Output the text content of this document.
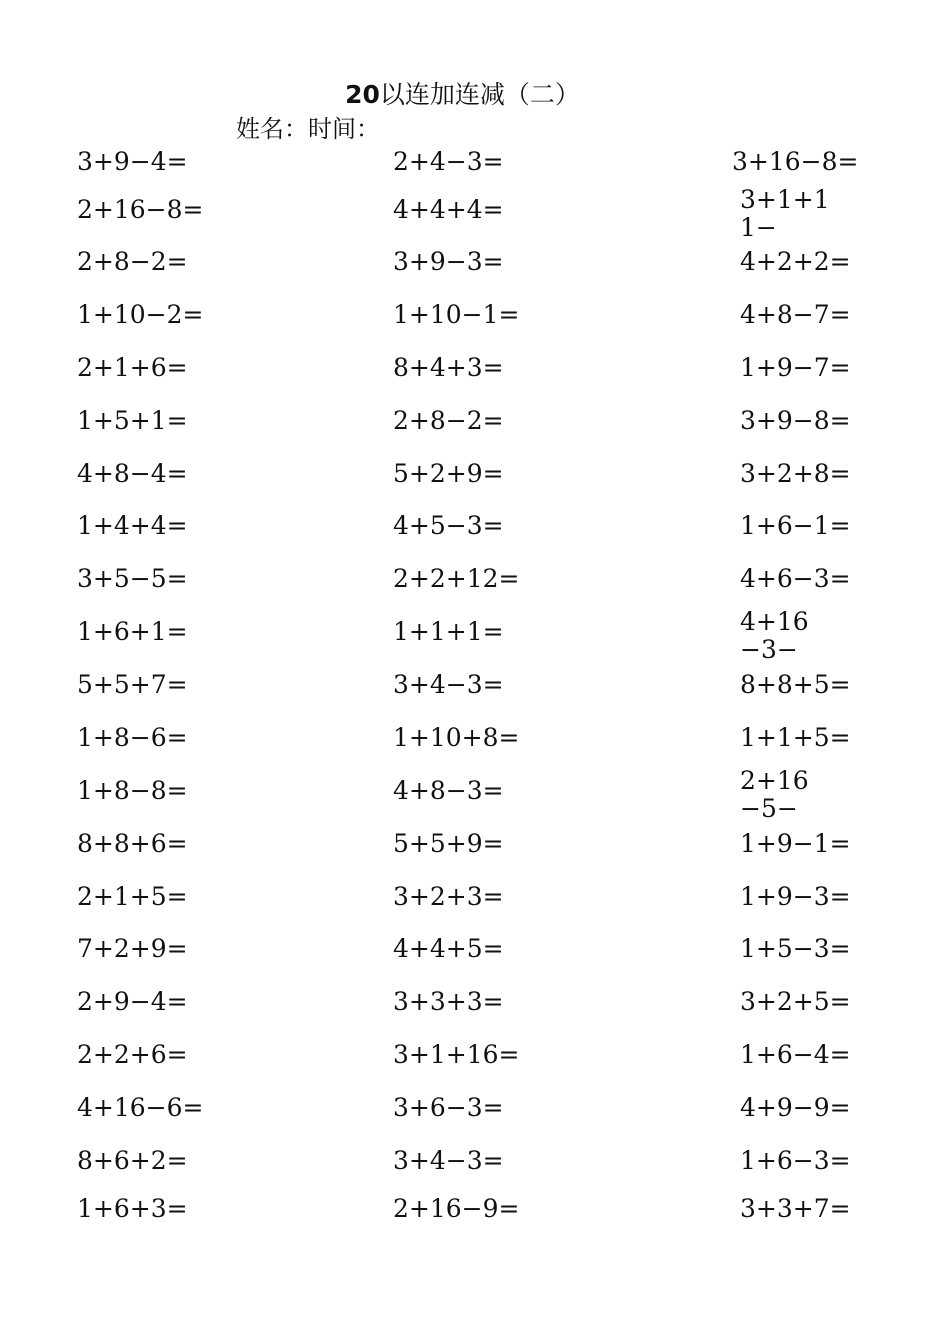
20以连加连减（二）
姓名：时间：
3+9−4=
2+16−8=
2+8−2=
1+10−2=
2+1+6=
1+5+1=
4+8−4=
1+4+4=
3+5−5=
1+6+1=
5+5+7=
1+8−6=
1+8−8=
8+8+6=
2+1+5=
7+2+9=
2+9−4=
2+2+6=
4+16−6=
8+6+2=
1+6+3=
2+4−3=
4+4+4=
3+9−3=
1+10−1=
8+4+3=
2+8−2=
5+2+9=
4+5−3=
2+2+12=
1+1+1=
3+4−3=
1+10+8=
4+8−3=
5+5+9=
3+2+3=
4+4+5=
3+3+3=
3+1+16=
3+6−3=
3+4−3=
2+16−9=
3+16−8=
3+1+11−
4+2+2=
4+8−7=
1+9−7=
3+9−8=
3+2+8=
1+6−1=
4+6−3=
4+16−3−
8+8+5=
1+1+5=
2+16−5−
1+9−1=
1+9−3=
1+5−3=
3+2+5=
1+6−4=
4+9−9=
1+6−3=
3+3+7=
